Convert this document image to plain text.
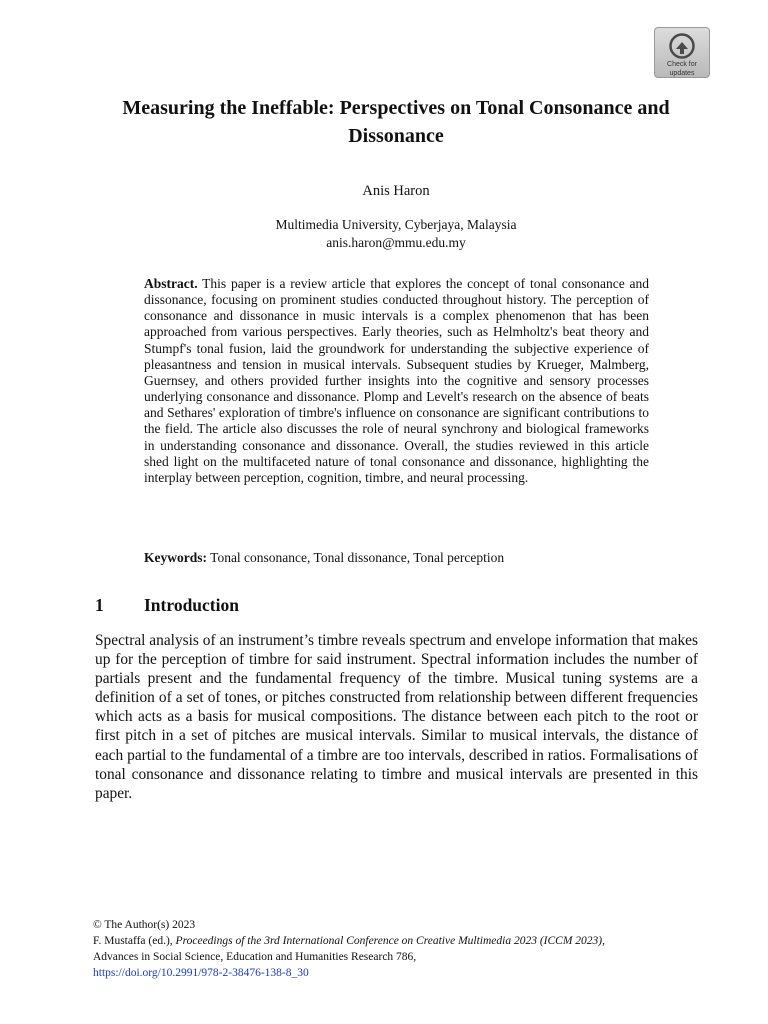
Check for
updates
Measuring the Ineffable: Perspectives on Tonal Consonance and Dissonance
Anis Haron
Multimedia University, Cyberjaya, Malaysia
anis.haron@mmu.edu.my

Abstract. This paper is a review article that explores the concept of tonal consonance and dissonance, focusing on prominent studies conducted throughout history. The perception of consonance and dissonance in music intervals is a complex phenomenon that has been approached from various perspectives. Early theories, such as Helmholtz's beat theory and Stumpf's tonal fusion, laid the groundwork for understanding the subjective experience of pleasantness and tension in musical intervals. Subsequent studies by Krueger, Malmberg, Guernsey, and others provided further insights into the cognitive and sensory processes underlying consonance and dissonance. Plomp and Levelt's research on the absence of beats and Sethares' exploration of timbre's influence on consonance are significant contributions to the field. The article also discusses the role of neural synchrony and biological frameworks in understanding consonance and dissonance. Overall, the studies reviewed in this article shed light on the multifaceted nature of tonal consonance and dissonance, highlighting the interplay between perception, cognition, timbre, and neural processing.

Keywords: Tonal consonance, Tonal dissonance, Tonal perception
1 Introduction

Spectral analysis of an instrument’s timbre reveals spectrum and envelope information that makes up for the perception of timbre for said instrument. Spectral information includes the number of partials present and the fundamental frequency of the timbre. Musical tuning systems are a definition of a set of tones, or pitches constructed from relationship between different frequencies which acts as a basis for musical compositions. The distance between each pitch to the root or first pitch in a set of pitches are musical intervals. Similar to musical intervals, the distance of each partial to the fundamental of a timbre are too intervals, described in ratios. Formalisations of tonal consonance and dissonance relating to timbre and musical intervals are presented in this paper.

© The Author(s) 2023
F. Mustaffa (ed.), Proceedings of the 3rd International Conference on Creative Multimedia 2023 (ICCM 2023),
Advances in Social Science, Education and Humanities Research 786,
https://doi.org/10.2991/978-2-38476-138-8_30
